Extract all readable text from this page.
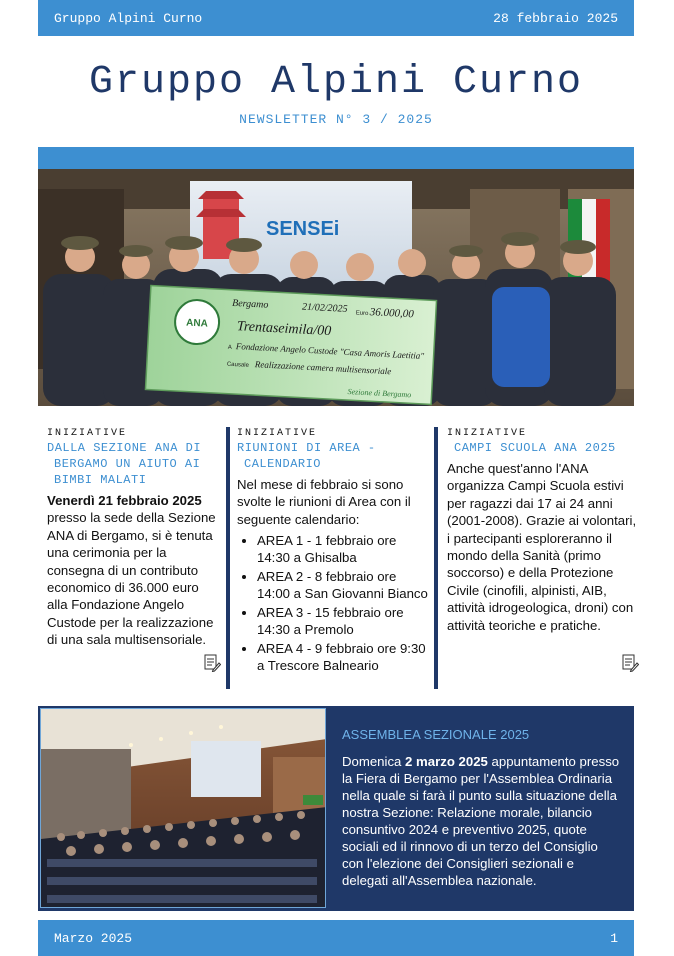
Gruppo Alpini Curno	28 febbraio 2025
Gruppo Alpini Curno
NEWSLETTER N° 3 / 2025
SENSEi
ANA
Bergamo	21/02/2025 Euro 36.000,00
Trentaseimila/00
A Fondazione Angelo Custode "Casa Amoris Laetitia"
Causale Realizzazione camera multisensoriale
Sezione di Bergamo
INIZIATIVE
DALLA SEZIONE ANA DI BERGAMO UN AIUTO AI BIMBI MALATI
Venerdì 21 febbraio 2025 presso la sede della Sezione ANA di Bergamo, si è tenuta una cerimonia per la consegna di un contributo economico di 36.000 euro alla Fondazione Angelo Custode per la realizzazione di una sala multisensoriale.
INIZIATIVE
RIUNIONI DI AREA - CALENDARIO
Nel mese di febbraio si sono svolte le riunioni di Area con il seguente calendario:
• AREA 1 - 1 febbraio ore 14:30 a Ghisalba
• AREA 2 - 8 febbraio ore 14:00 a San Giovanni Bianco
• AREA 3 - 15 febbraio ore 14:30 a Premolo
• AREA 4 - 9 febbraio ore 9:30 a Trescore Balneario
INIZIATIVE
CAMPI SCUOLA ANA 2025
Anche quest'anno l'ANA organizza Campi Scuola estivi per ragazzi dai 17 ai 24 anni (2001-2008). Grazie ai volontari, i partecipanti esploreranno il mondo della Sanità (primo soccorso) e della Protezione Civile (cinofili, alpinisti, AIB, attività idrogeologica, droni) con attività teoriche e pratiche.
ASSEMBLEA SEZIONALE 2025
Domenica 2 marzo 2025 appuntamento presso la Fiera di Bergamo per l'Assemblea Ordinaria nella quale si farà il punto sulla situazione della nostra Sezione: Relazione morale, bilancio consuntivo 2024 e preventivo 2025, quote sociali ed il rinnovo di un terzo del Consiglio con l'elezione dei Consiglieri sezionali e delegati all'Assemblea nazionale.
Marzo 2025	1
